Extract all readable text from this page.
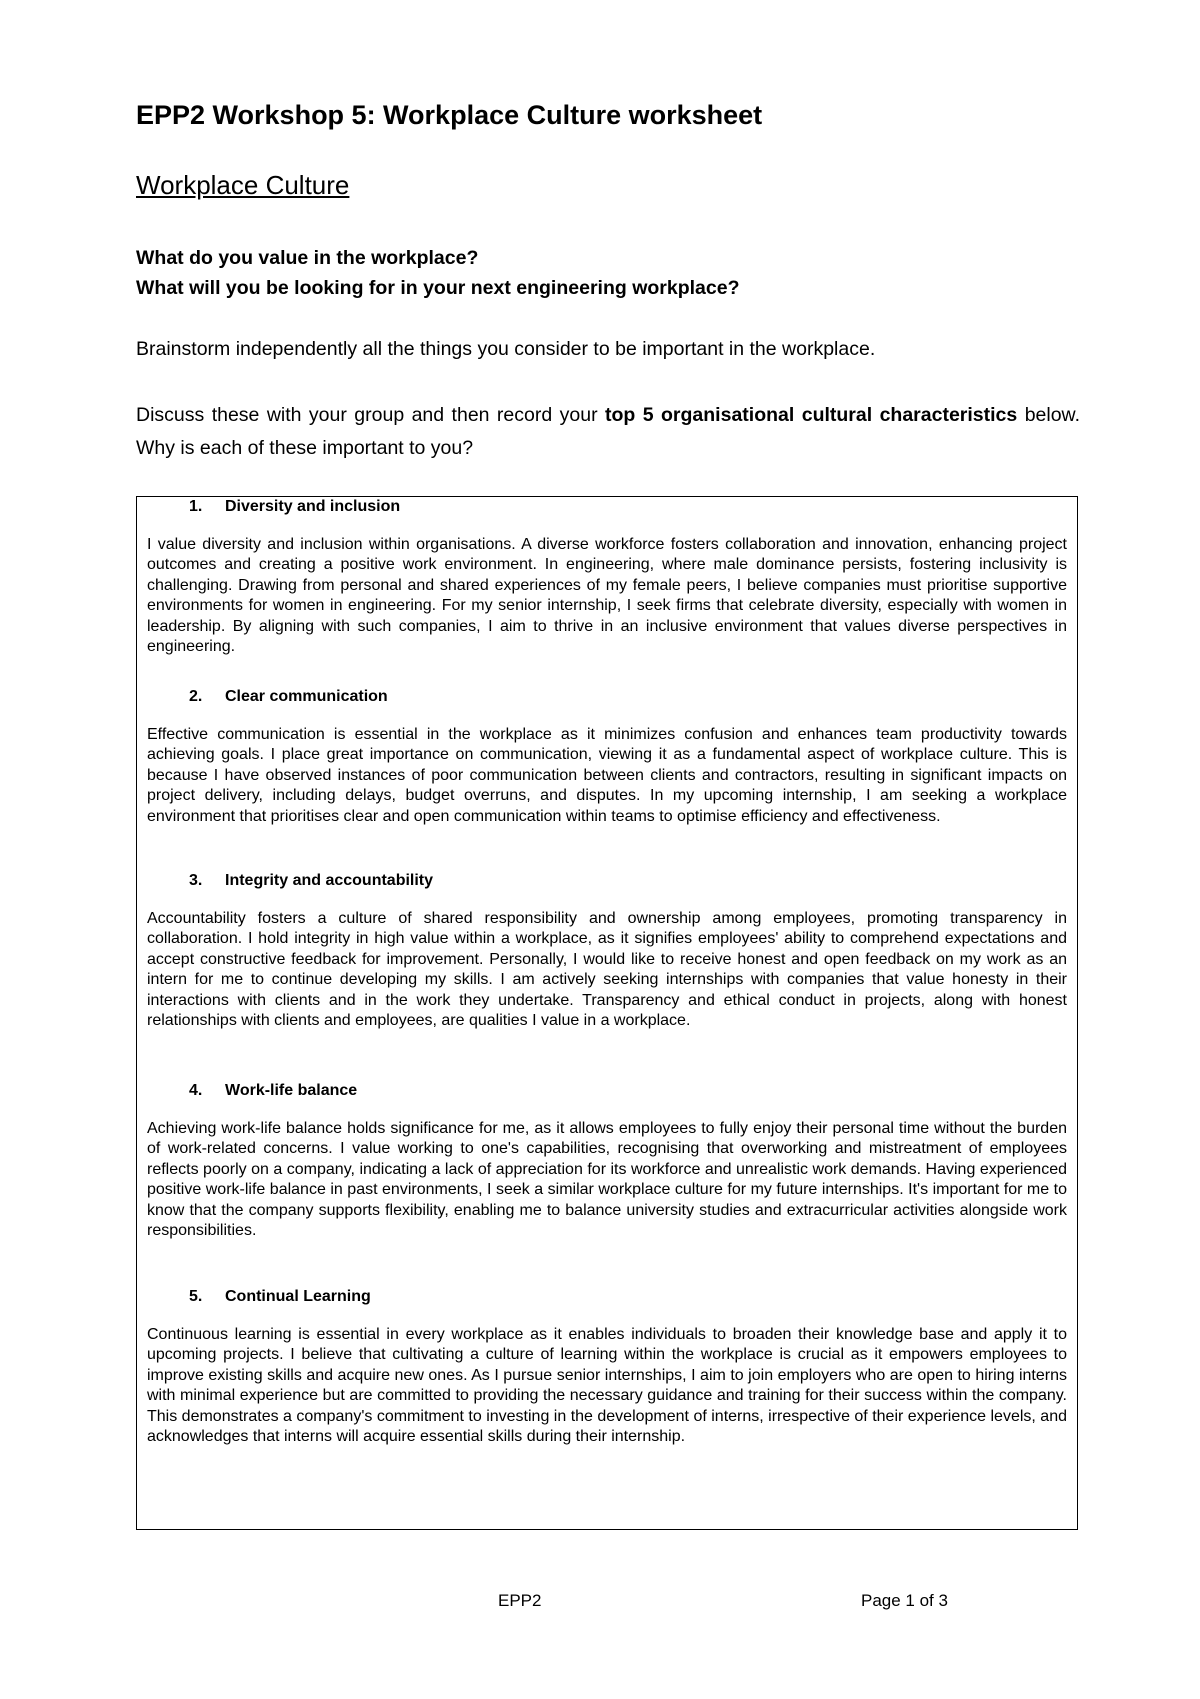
EPP2 Workshop 5: Workplace Culture worksheet
Workplace Culture
What do you value in the workplace?
What will you be looking for in your next engineering workplace?

Brainstorm independently all the things you consider to be important in the workplace.

Discuss these with your group and then record your top 5 organisational cultural characteristics below. Why is each of these important to you?

1. Diversity and inclusion

I value diversity and inclusion within organisations. A diverse workforce fosters collaboration and innovation, enhancing project outcomes and creating a positive work environment. In engineering, where male dominance persists, fostering inclusivity is challenging. Drawing from personal and shared experiences of my female peers, I believe companies must prioritise supportive environments for women in engineering. For my senior internship, I seek firms that celebrate diversity, especially with women in leadership. By aligning with such companies, I aim to thrive in an inclusive environment that values diverse perspectives in engineering.

2. Clear communication

Effective communication is essential in the workplace as it minimizes confusion and enhances team productivity towards achieving goals. I place great importance on communication, viewing it as a fundamental aspect of workplace culture. This is because I have observed instances of poor communication between clients and contractors, resulting in significant impacts on project delivery, including delays, budget overruns, and disputes. In my upcoming internship, I am seeking a workplace environment that prioritises clear and open communication within teams to optimise efficiency and effectiveness.

3. Integrity and accountability

Accountability fosters a culture of shared responsibility and ownership among employees, promoting transparency in collaboration. I hold integrity in high value within a workplace, as it signifies employees' ability to comprehend expectations and accept constructive feedback for improvement. Personally, I would like to receive honest and open feedback on my work as an intern for me to continue developing my skills. I am actively seeking internships with companies that value honesty in their interactions with clients and in the work they undertake. Transparency and ethical conduct in projects, along with honest relationships with clients and employees, are qualities I value in a workplace.

4. Work-life balance

Achieving work-life balance holds significance for me, as it allows employees to fully enjoy their personal time without the burden of work-related concerns. I value working to one's capabilities, recognising that overworking and mistreatment of employees reflects poorly on a company, indicating a lack of appreciation for its workforce and unrealistic work demands. Having experienced positive work-life balance in past environments, I seek a similar workplace culture for my future internships. It's important for me to know that the company supports flexibility, enabling me to balance university studies and extracurricular activities alongside work responsibilities.

5. Continual Learning

Continuous learning is essential in every workplace as it enables individuals to broaden their knowledge base and apply it to upcoming projects. I believe that cultivating a culture of learning within the workplace is crucial as it empowers employees to improve existing skills and acquire new ones. As I pursue senior internships, I aim to join employers who are open to hiring interns with minimal experience but are committed to providing the necessary guidance and training for their success within the company. This demonstrates a company's commitment to investing in the development of interns, irrespective of their experience levels, and acknowledges that interns will acquire essential skills during their internship.

EPP2	Page 1 of 3
